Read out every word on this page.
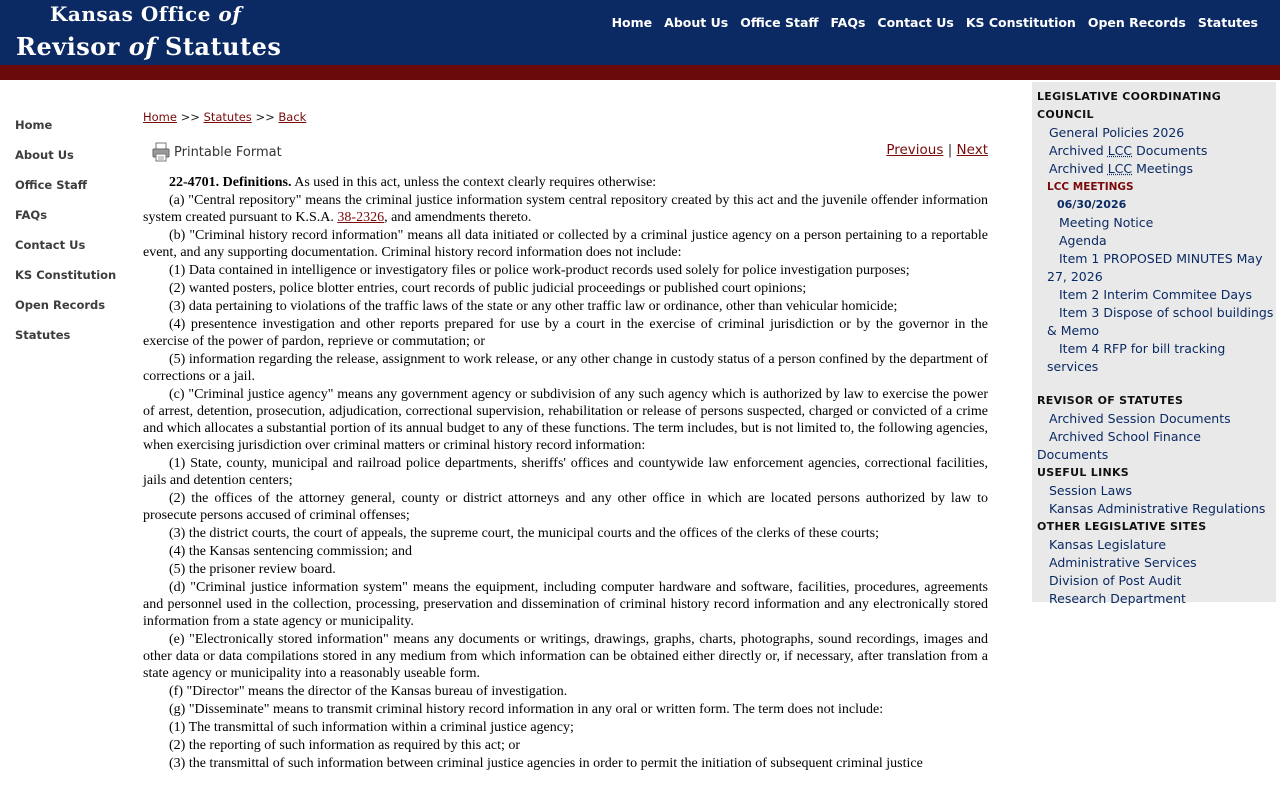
Kansas Office of
Revisor of Statutes
Home About Us Office Staff FAQs Contact Us KS Constitution Open Records Statutes
Home
About Us
Office Staff
FAQs
Contact Us
KS Constitution
Open Records
Statutes
Home >> Statutes >> Back
Printable Format	Previous | Next

22-4701. Definitions. As used in this act, unless the context clearly requires otherwise:

(a) "Central repository" means the criminal justice information system central repository created by this act and the juvenile offender information system created pursuant to K.S.A. 38-2326, and amendments thereto.

(b) "Criminal history record information" means all data initiated or collected by a criminal justice agency on a person pertaining to a reportable event, and any supporting documentation. Criminal history record information does not include:

(1) Data contained in intelligence or investigatory files or police work-product records used solely for police investigation purposes;

(2) wanted posters, police blotter entries, court records of public judicial proceedings or published court opinions;

(3) data pertaining to violations of the traffic laws of the state or any other traffic law or ordinance, other than vehicular homicide;

(4) presentence investigation and other reports prepared for use by a court in the exercise of criminal jurisdiction or by the governor in the exercise of the power of pardon, reprieve or commutation; or

(5) information regarding the release, assignment to work release, or any other change in custody status of a person confined by the department of corrections or a jail.

(c) "Criminal justice agency" means any government agency or subdivision of any such agency which is authorized by law to exercise the power of arrest, detention, prosecution, adjudication, correctional supervision, rehabilitation or release of persons suspected, charged or convicted of a crime and which allocates a substantial portion of its annual budget to any of these functions. The term includes, but is not limited to, the following agencies, when exercising jurisdiction over criminal matters or criminal history record information:

(1) State, county, municipal and railroad police departments, sheriffs' offices and countywide law enforcement agencies, correctional facilities, jails and detention centers;

(2) the offices of the attorney general, county or district attorneys and any other office in which are located persons authorized by law to prosecute persons accused of criminal offenses;

(3) the district courts, the court of appeals, the supreme court, the municipal courts and the offices of the clerks of these courts;

(4) the Kansas sentencing commission; and

(5) the prisoner review board.

(d) "Criminal justice information system" means the equipment, including computer hardware and software, facilities, procedures, agreements and personnel used in the collection, processing, preservation and dissemination of criminal history record information and any electronically stored information from a state agency or municipality.

(e) "Electronically stored information" means any documents or writings, drawings, graphs, charts, photographs, sound recordings, images and other data or data compilations stored in any medium from which information can be obtained either directly or, if necessary, after translation from a state agency or municipality into a reasonably useable form.

(f) "Director" means the director of the Kansas bureau of investigation.

(g) "Disseminate" means to transmit criminal history record information in any oral or written form. The term does not include:

(1) The transmittal of such information within a criminal justice agency;

(2) the reporting of such information as required by this act; or

(3) the transmittal of such information between criminal justice agencies in order to permit the initiation of subsequent criminal justice

LEGISLATIVE COORDINATING COUNCIL
General Policies 2026
Archived LCC Documents
Archived LCC Meetings
LCC MEETINGS
06/30/2026
Meeting Notice
Agenda
Item 1 PROPOSED MINUTES May 27, 2026
Item 2 Interim Commitee Days
Item 3 Dispose of school buildings & Memo
Item 4 RFP for bill tracking services
REVISOR OF STATUTES
Archived Session Documents
Archived School Finance Documents
USEFUL LINKS
Session Laws
Kansas Administrative Regulations
OTHER LEGISLATIVE SITES
Kansas Legislature
Administrative Services
Division of Post Audit
Research Department
